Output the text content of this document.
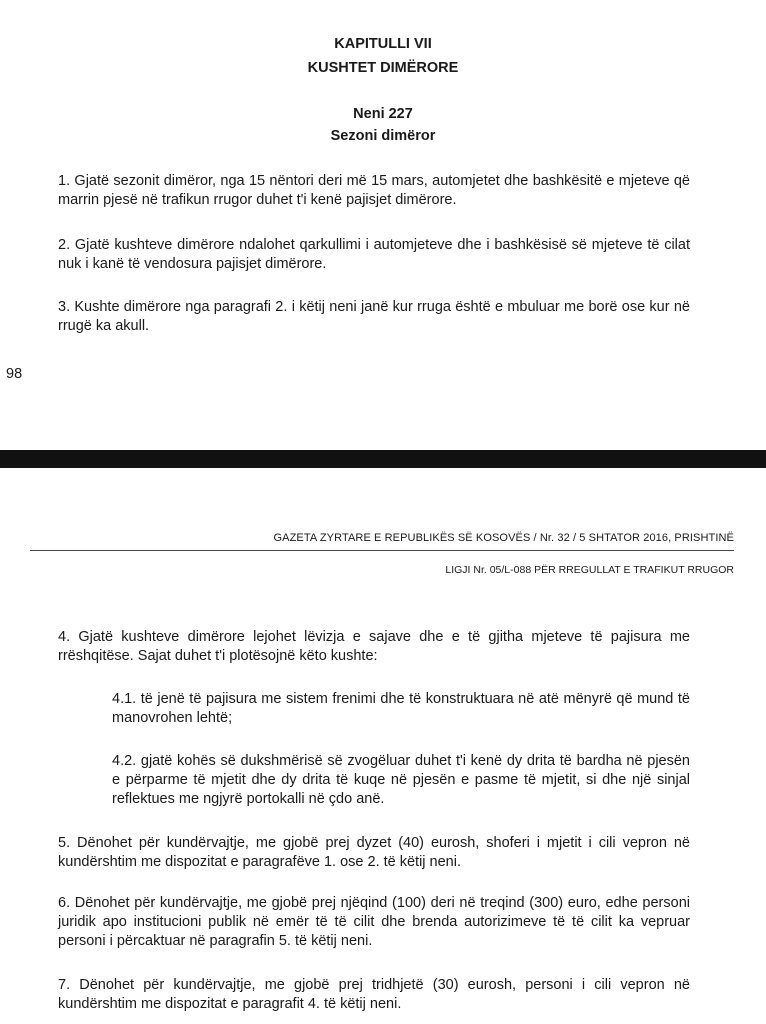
KAPITULLI VII
KUSHTET DIMËRORE
Neni 227
Sezoni dimëror
1. Gjatë sezonit dimëror, nga 15 nëntori deri më 15 mars, automjetet dhe bashkësitë e mjeteve që marrin pjesë në trafikun rrugor duhet t'i kenë pajisjet dimërore.
2. Gjatë kushteve dimërore ndalohet qarkullimi i automjeteve dhe i bashkësisë së mjeteve të cilat nuk i kanë të vendosura pajisjet dimërore.
3. Kushte dimërore nga paragrafi 2. i këtij neni janë kur rruga është e mbuluar me borë ose kur në rrugë ka akull.
98
GAZETA ZYRTARE E REPUBLIKËS SË KOSOVËS / Nr. 32 / 5 SHTATOR 2016, PRISHTINË
LIGJI Nr. 05/L-088 PËR RREGULLAT E TRAFIKUT RRUGOR
4. Gjatë kushteve dimërore lejohet lëvizja e sajave dhe e të gjitha mjeteve të pajisura me rrëshqitëse. Sajat duhet t'i plotësojnë këto kushte:
4.1. të jenë të pajisura me sistem frenimi dhe të konstruktuara në atë mënyrë që mund të manovrohen lehtë;
4.2. gjatë kohës së dukshmërisë së zvogëluar duhet t'i kenë dy drita të bardha në pjesën e përparme të mjetit dhe dy drita të kuqe në pjesën e pasme të mjetit, si dhe një sinjal reflektues me ngjyrë portokalli në çdo anë.
5. Dënohet për kundërvajtje, me gjobë prej dyzet (40) eurosh, shoferi i mjetit i cili vepron në kundërshtim me dispozitat e paragrafëve 1. ose 2. të këtij neni.
6. Dënohet për kundërvajtje, me gjobë prej njëqind (100) deri në treqind (300) euro, edhe personi juridik apo institucioni publik në emër të të cilit dhe brenda autorizimeve të të cilit ka vepruar personi i përcaktuar në paragrafin 5. të këtij neni.
7. Dënohet për kundërvajtje, me gjobë prej tridhjetë (30) eurosh, personi i cili vepron në kundërshtim me dispozitat e paragrafit 4. të këtij neni.
